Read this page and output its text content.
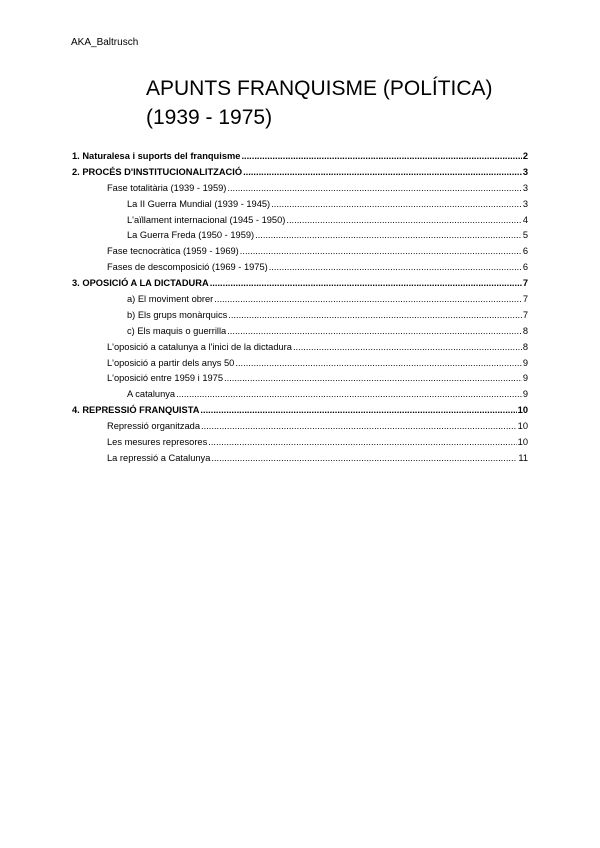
AKA_Baltrusch
APUNTS FRANQUISME (POLÍTICA) (1939 - 1975)
1. Naturalesa i suports del franquisme .....	2
2. PROCÉS D'INSTITUCIONALITZACIÓ .....	3
Fase totalitària (1939 - 1959) .....	3
La II Guerra Mundial (1939 - 1945) .....	3
L'aïllament internacional (1945 - 1950) .....	4
La Guerra Freda (1950 - 1959) .....	5
Fase tecnocràtica (1959 - 1969) .....	6
Fases de descomposició (1969 - 1975) .....	6
3. OPOSICIÓ A LA DICTADURA .....	7
a) El moviment obrer .....	7
b) Els grups monàrquics .....	7
c) Els maquis o guerrilla .....	8
L'oposició a catalunya a l'inici de la dictadura .....	8
L'oposició a partir dels anys 50 .....	9
L'oposició entre 1959 i 1975 .....	9
A catalunya .....	9
4. REPRESSIÓ FRANQUISTA .....	10
Repressió organitzada .....	10
Les mesures represores .....	10
La repressió a Catalunya .....	11
